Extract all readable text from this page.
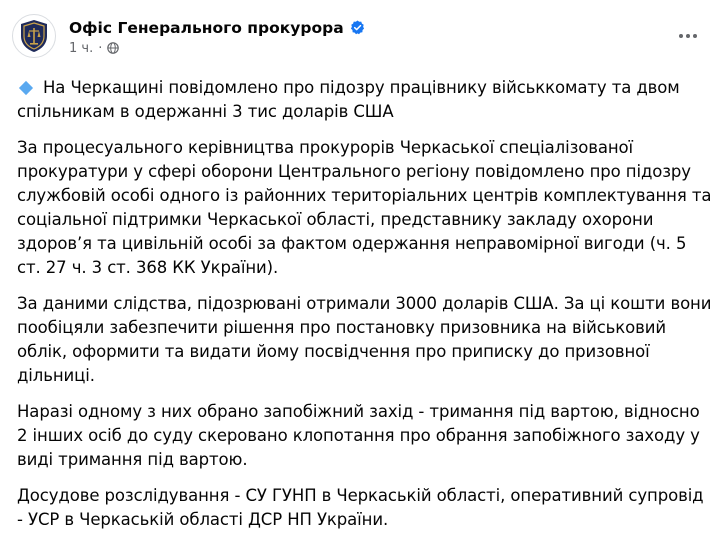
Офіс Генерального прокурора
1 ч. ·

На Черкащині повідомлено про підозру працівнику військкомату та двом спільникам в одержанні 3 тис доларів США

За процесуального керівництва прокурорів Черкаської спеціалізованої прокуратури у сфері оборони Центрального регіону повідомлено про підозру службовій особі одного із районних територіальних центрів комплектування та соціальної підтримки Черкаської області, представнику закладу охорони здоров’я та цивільній особі за фактом одержання неправомірної вигоди (ч. 5 ст. 27 ч. 3 ст. 368 КК України).

За даними слідства, підозрювані отримали 3000 доларів США. За ці кошти вони пообіцяли забезпечити рішення про постановку призовника на військовий облік, оформити та видати йому посвідчення про приписку до призовної дільниці.

Наразі одному з них обрано запобіжний захід - тримання під вартою, відносно 2 інших осіб до суду скеровано клопотання про обрання запобіжного заходу у виді тримання під вартою.

Досудове розслідування - СУ ГУНП в Черкаській області, оперативний супровід - УСР в Черкаській області ДСР НП України.
